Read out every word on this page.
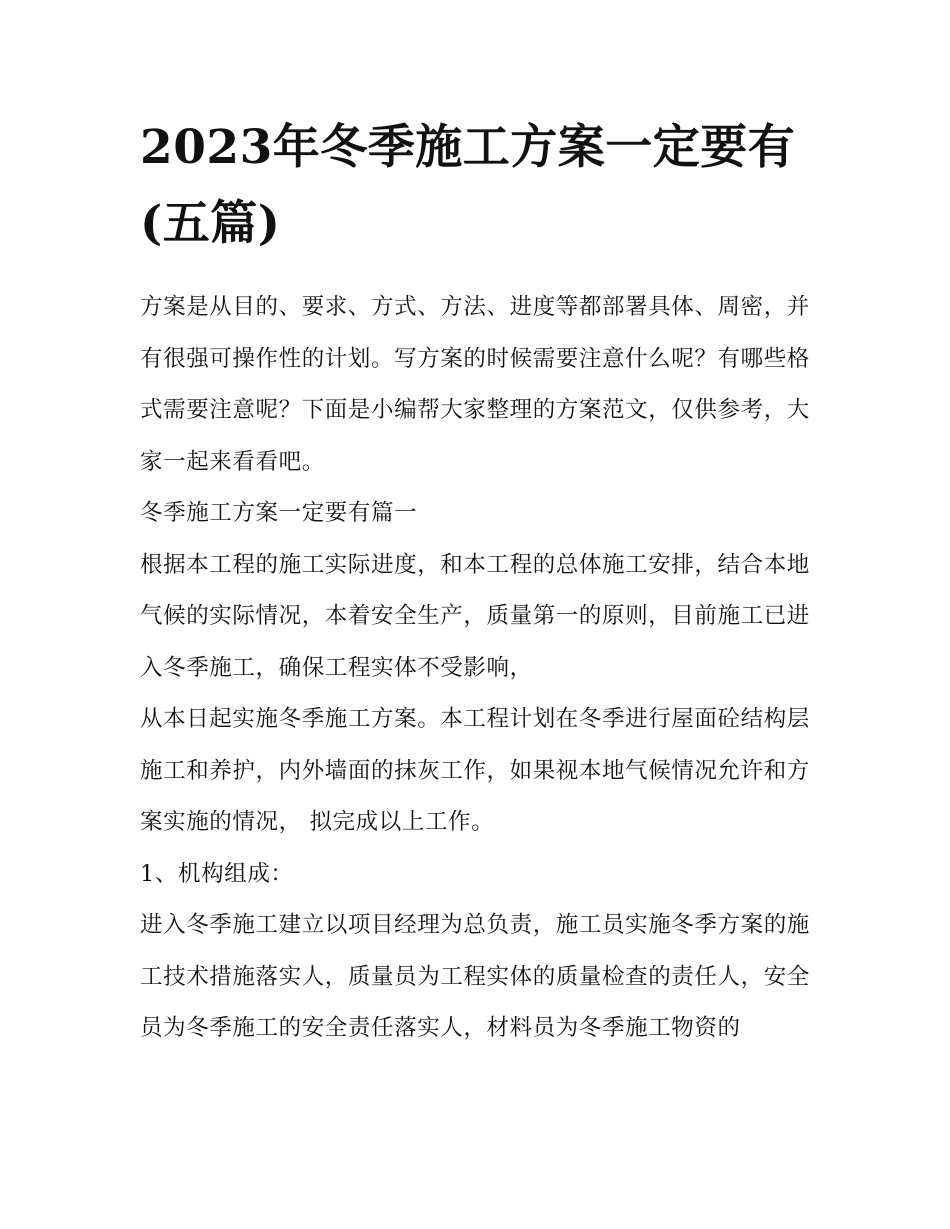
2023年冬季施工方案一定要有(五篇)

方案是从目的、要求、方式、方法、进度等都部署具体、周密，并有很强可操作性的计划。写方案的时候需要注意什么呢？有哪些格式需要注意呢？下面是小编帮大家整理的方案范文，仅供参考，大家一起来看看吧。

冬季施工方案一定要有篇一

根据本工程的施工实际进度，和本工程的总体施工安排，结合本地气候的实际情况，本着安全生产，质量第一的原则，目前施工已进入冬季施工，确保工程实体不受影响，

从本日起实施冬季施工方案。本工程计划在冬季进行屋面砼结构层施工和养护，内外墙面的抹灰工作，如果视本地气候情况允许和方案实施的情况， 拟完成以上工作。

1、机构组成：

进入冬季施工建立以项目经理为总负责，施工员实施冬季方案的施工技术措施落实人，质量员为工程实体的质量检查的责任人，安全员为冬季施工的安全责任落实人，材料员为冬季施工物资的
